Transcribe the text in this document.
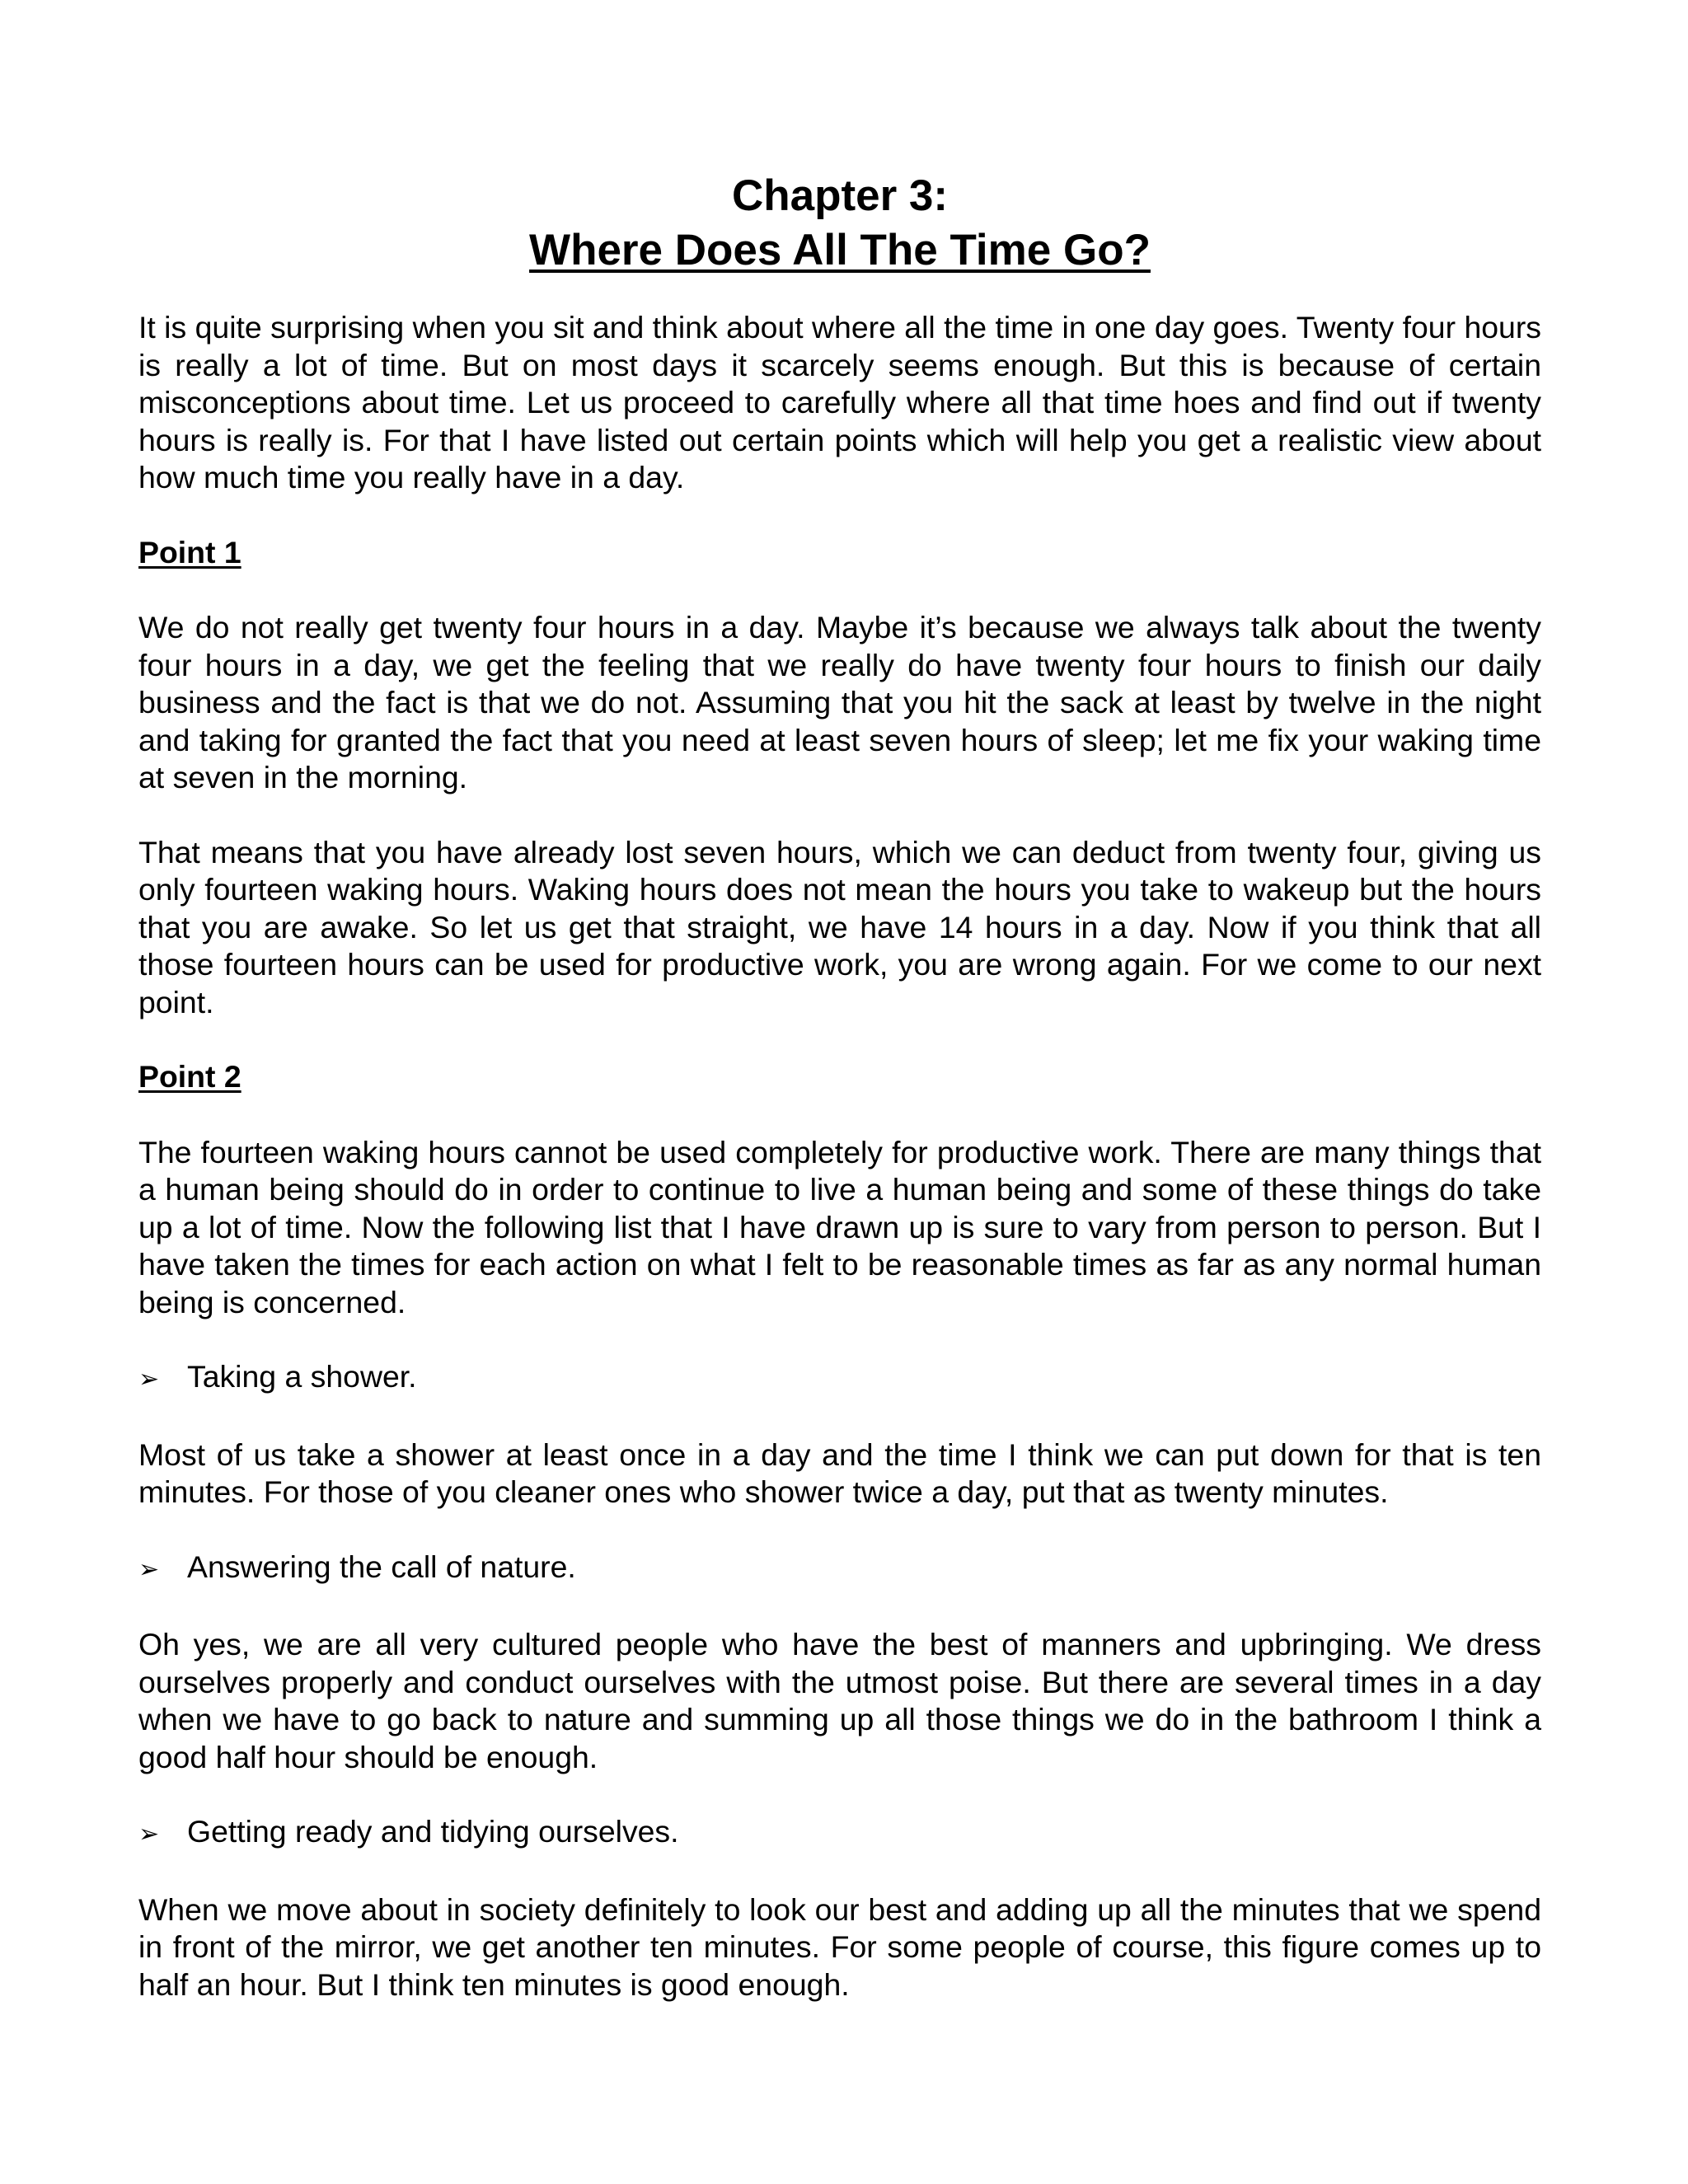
Chapter 3:
Where Does All The Time Go?

It is quite surprising when you sit and think about where all the time in one day goes. Twenty four hours is really a lot of time. But on most days it scarcely seems enough. But this is because of certain misconceptions about time. Let us proceed to carefully where all that time hoes and find out if twenty hours is really is. For that I have listed out certain points which will help you get a realistic view about how much time you really have in a day.

Point 1

We do not really get twenty four hours in a day. Maybe it’s because we always talk about the twenty four hours in a day, we get the feeling that we really do have twenty four hours to finish our daily business and the fact is that we do not. Assuming that you hit the sack at least by twelve in the night and taking for granted the fact that you need at least seven hours of sleep; let me fix your waking time at seven in the morning.

That means that you have already lost seven hours, which we can deduct from twenty four, giving us only fourteen waking hours. Waking hours does not mean the hours you take to wakeup but the hours that you are awake. So let us get that straight, we have 14 hours in a day. Now if you think that all those fourteen hours can be used for productive work, you are wrong again. For we come to our next point.

Point 2

The fourteen waking hours cannot be used completely for productive work. There are many things that a human being should do in order to continue to live a human being and some of these things do take up a lot of time. Now the following list that I have drawn up is sure to vary from person to person. But I have taken the times for each action on what I felt to be reasonable times as far as any normal human being is concerned.

➢ Taking a shower.

Most of us take a shower at least once in a day and the time I think we can put down for that is ten minutes. For those of you cleaner ones who shower twice a day, put that as twenty minutes.

➢ Answering the call of nature.

Oh yes, we are all very cultured people who have the best of manners and upbringing. We dress ourselves properly and conduct ourselves with the utmost poise. But there are several times in a day when we have to go back to nature and summing up all those things we do in the bathroom I think a good half hour should be enough.

➢ Getting ready and tidying ourselves.

When we move about in society definitely to look our best and adding up all the minutes that we spend in front of the mirror, we get another ten minutes. For some people of course, this figure comes up to half an hour. But I think ten minutes is good enough.
